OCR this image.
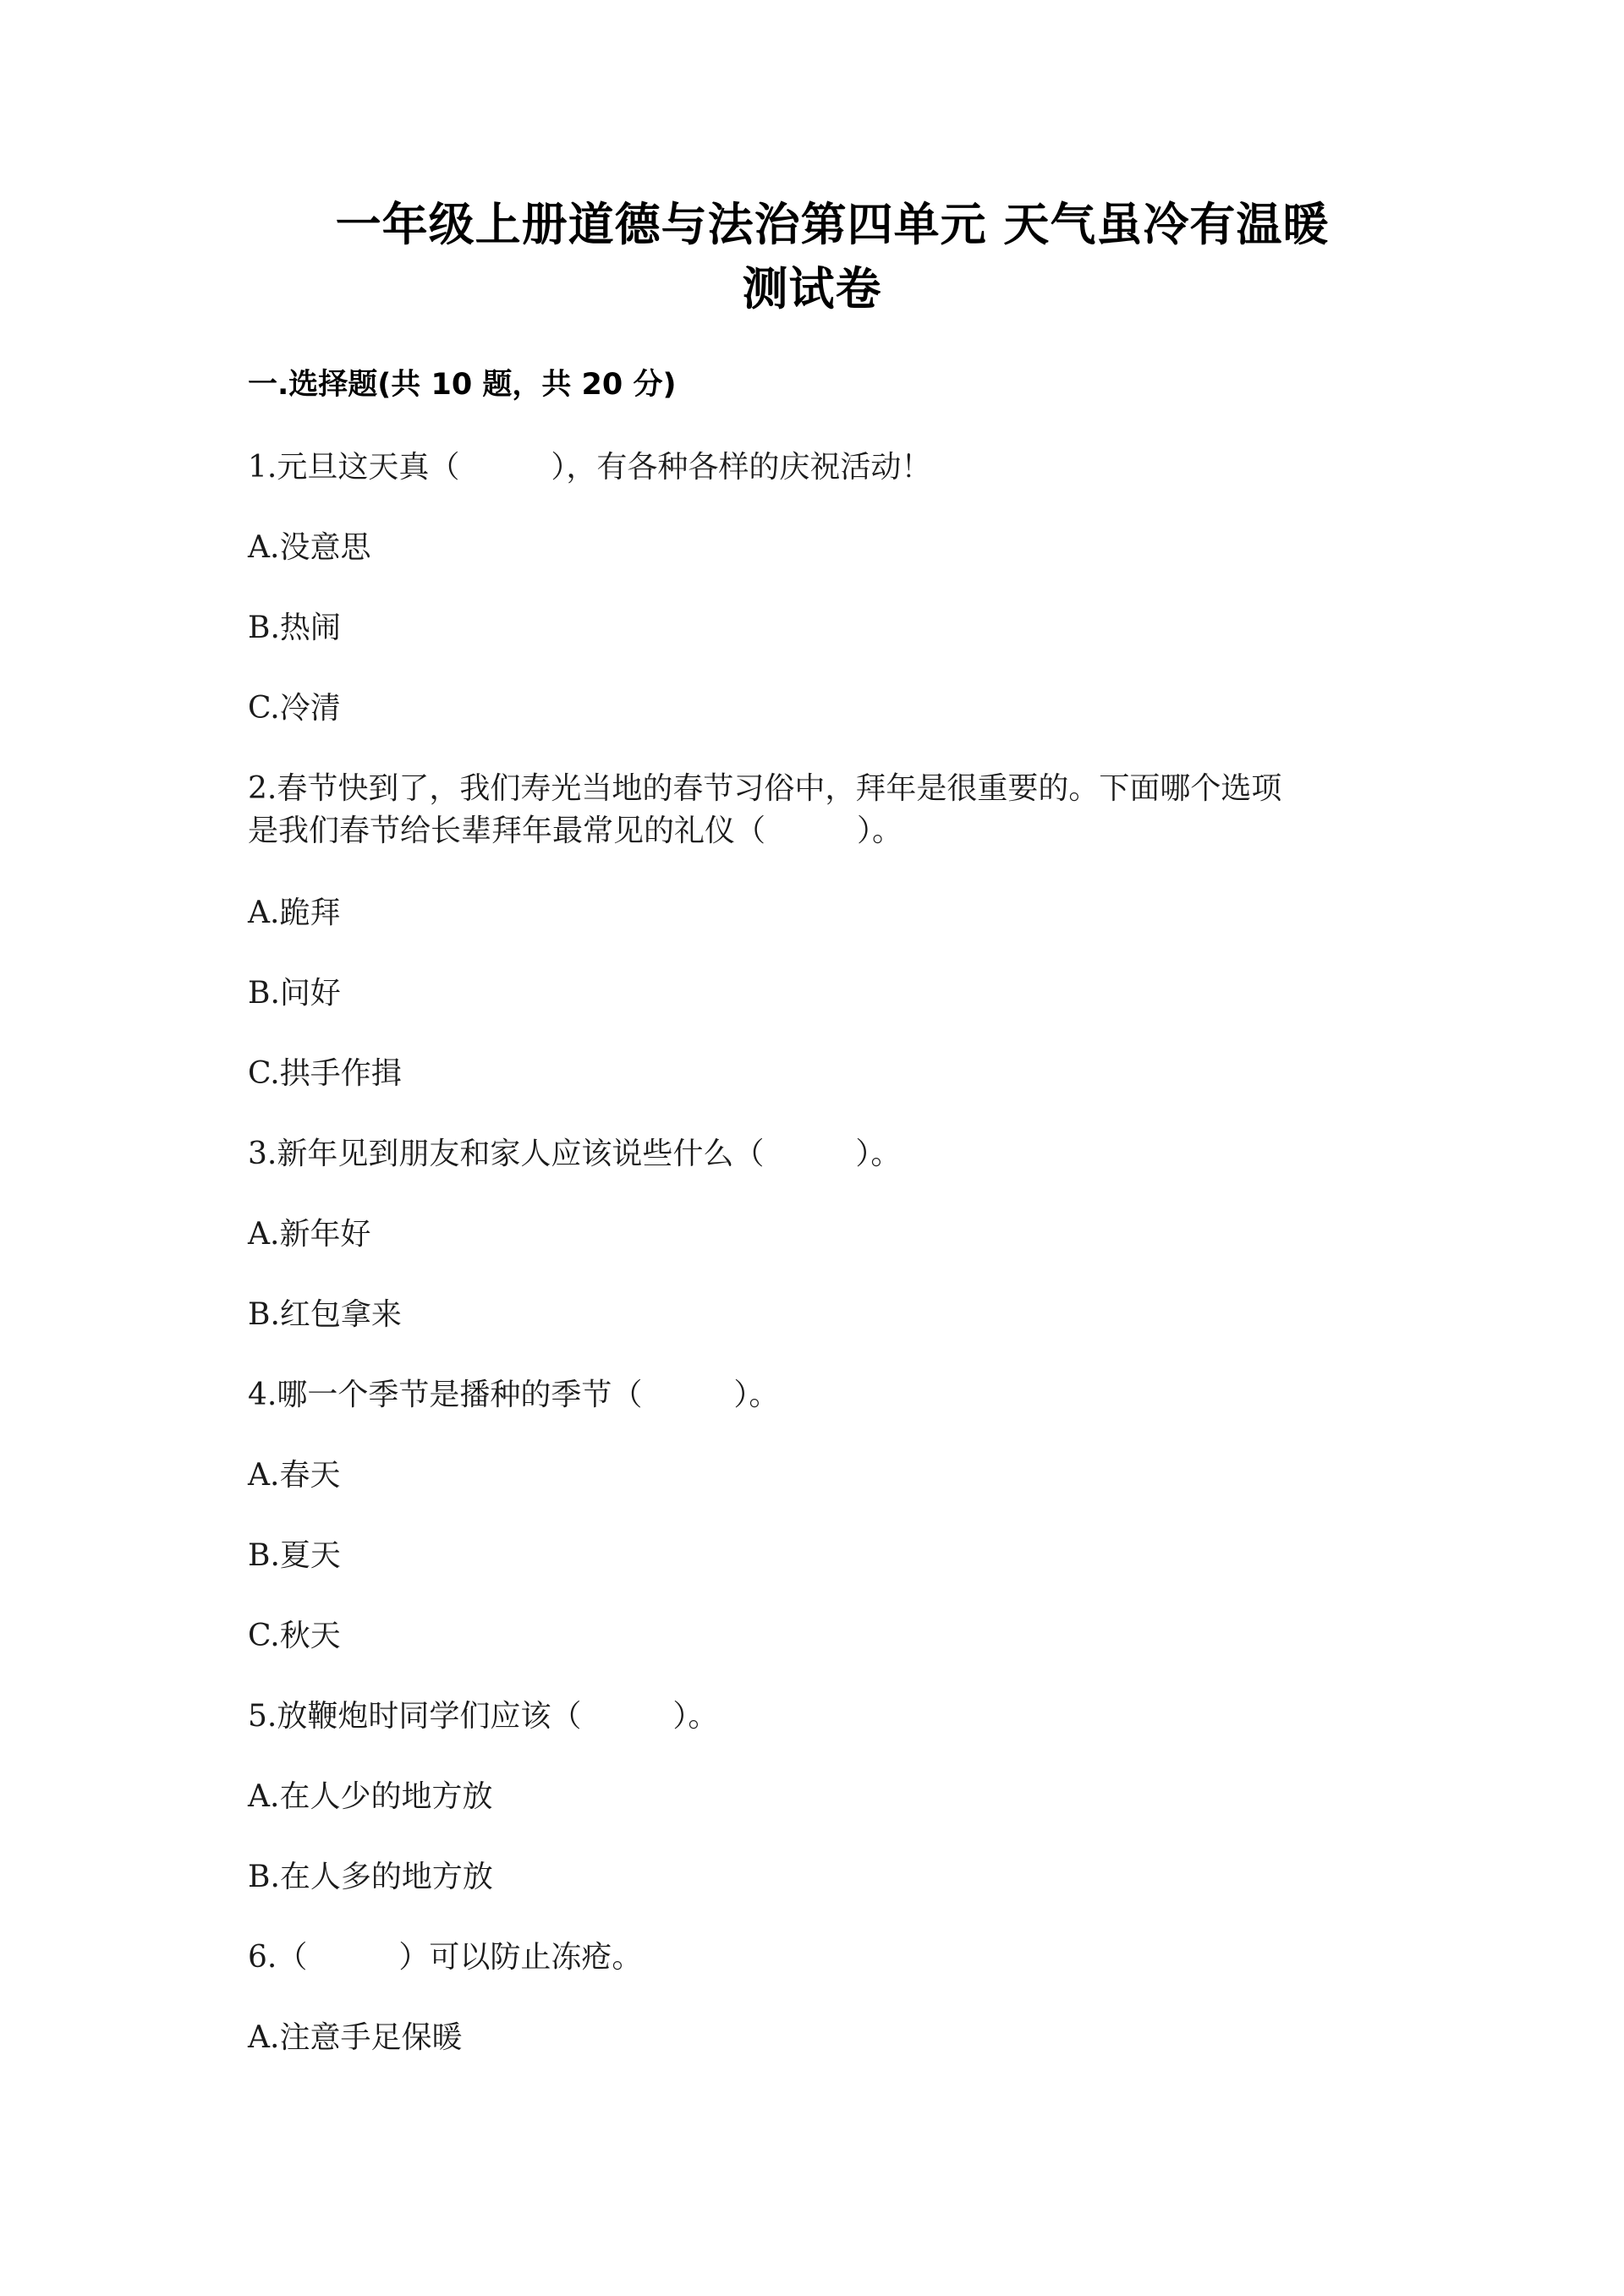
一年级上册道德与法治第四单元 天气虽冷有温暖
测试卷
一.选择题(共 10 题，共 20 分)
1.元旦这天真（　　　），有各种各样的庆祝活动！
A.没意思
B.热闹
C.冷清
2.春节快到了，我们寿光当地的春节习俗中，拜年是很重要的。下面哪个选项
是我们春节给长辈拜年最常见的礼仪（　　　）。
A.跪拜
B.问好
C.拱手作揖
3.新年见到朋友和家人应该说些什么（　　　）。
A.新年好
B.红包拿来
4.哪一个季节是播种的季节（　　　）。
A.春天
B.夏天
C.秋天
5.放鞭炮时同学们应该（　　　）。
A.在人少的地方放
B.在人多的地方放
6.（　　　）可以防止冻疮。
A.注意手足保暖
